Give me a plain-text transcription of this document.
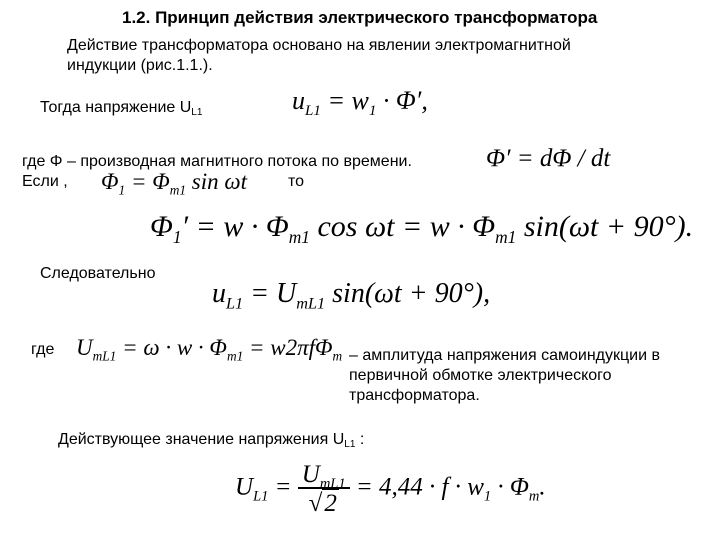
1.2. Принцип действия электрического трансформатора
Действие трансформатора основано на явлении электромагнитной
индукции (рис.1.1.).
Тогда напряжение UL1	$u_{L1} = w_1 \cdot \Phi'$,
где Φ – производная магнитного потока по времени.	Φ′ = dΦ / dt
Если , $\Phi_1 = \Phi_{m1}$ sin ωt	то
$\Phi_1' = w \cdot \Phi_{m1}$ $\cos \omega t = w \cdot \Phi_{m1}$ sin(ωt + 90°).
Следовательно
$u_{L1} = U_{mL1}$ sin(ωt + 90°),
где $U_{mL1} = \omega \cdot w \cdot \Phi_{m1} = w2\pi f\Phi_m$ – амплитуда напряжения самоиндукции в
первичной обмотке электрического
трансформатора.
Действующее значение напряжения UL1 :
$U_{L1} = \frac{U_{mL1}}{√2} = 4,44 \cdot f \cdot w_1 \cdot \Phi_m$.
